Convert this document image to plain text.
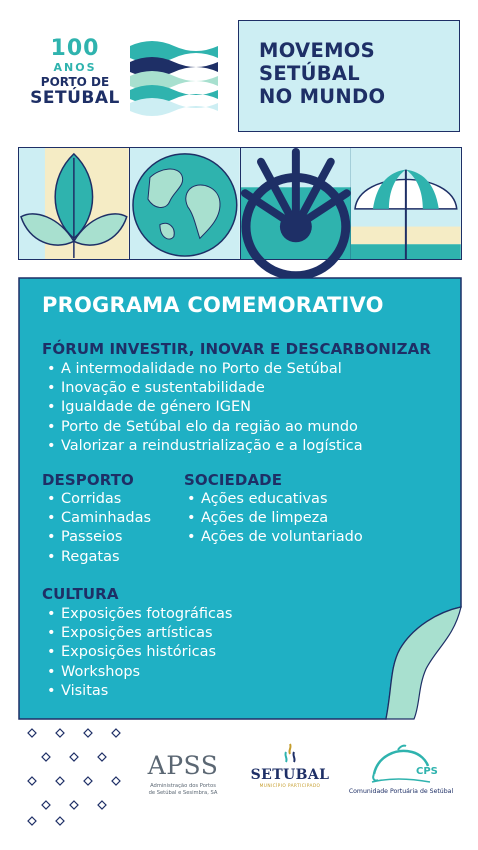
100
ANOS
PORTO DE
SETÚBAL
MOVEMOS
SETÚBAL
NO MUNDO
PROGRAMA COMEMORATIVO
FÓRUM INVESTIR, INOVAR E DESCARBONIZAR
• A intermodalidade no Porto de Setúbal
• Inovação e sustentabilidade
• Igualdade de género IGEN
• Porto de Setúbal elo da região ao mundo
• Valorizar a reindustrialização e a logística
DESPORTO
• Corridas
• Caminhadas
• Passeios
• Regatas
SOCIEDADE
• Ações educativas
• Ações de limpeza
• Ações de voluntariado
CULTURA
• Exposições fotográficas
• Exposições artísticas
• Exposições históricas
• Workshops
• Visitas
APSS
Administração dos Portos
de Setúbal e Sesimbra, SA
SETUBAL
MUNICÍPIO PARTICIPADO
CPS
Comunidade Portuária de Setúbal
